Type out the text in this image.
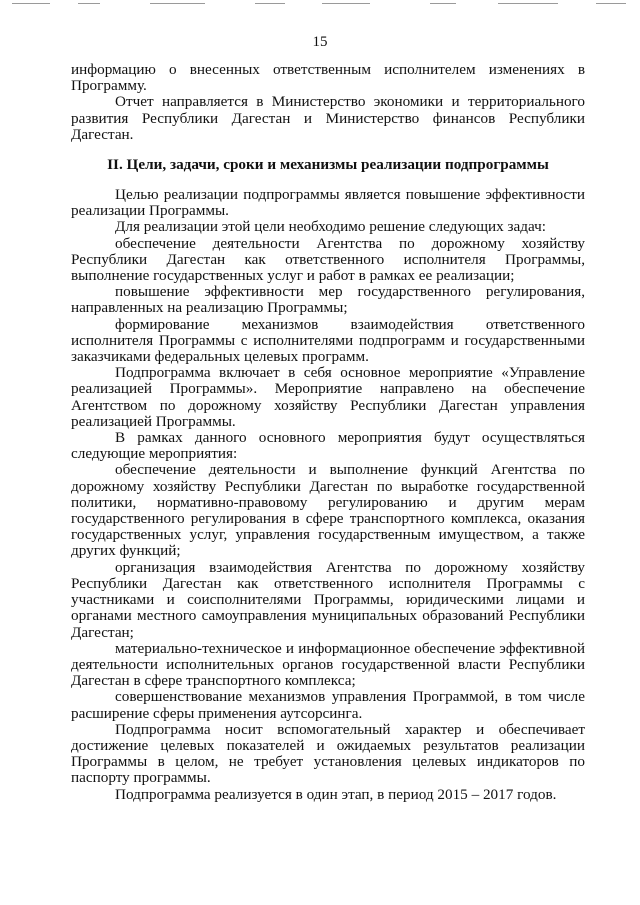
15

информацию о внесенных ответственным исполнителем изменениях в Программу.

Отчет направляется в Министерство экономики и территориального развития Республики Дагестан и Министерство финансов Республики Дагестан.

II. Цели, задачи, сроки и механизмы реализации подпрограммы

Целью реализации подпрограммы является повышение эффективности реализации Программы.

Для реализации этой цели необходимо решение следующих задач:

обеспечение деятельности Агентства по дорожному хозяйству Республики Дагестан как ответственного исполнителя Программы, выполнение государственных услуг и работ в рамках ее реализации;

повышение эффективности мер государственного регулирования, направленных на реализацию Программы;

формирование механизмов взаимодействия ответственного исполнителя Программы с исполнителями подпрограмм и государственными заказчиками федеральных целевых программ.

Подпрограмма включает в себя основное мероприятие «Управление реализацией Программы». Мероприятие направлено на обеспечение Агентством по дорожному хозяйству Республики Дагестан управления реализацией Программы.

В рамках данного основного мероприятия будут осуществляться следующие мероприятия:

обеспечение деятельности и выполнение функций Агентства по дорожному хозяйству Республики Дагестан по выработке государственной политики, нормативно-правовому регулированию и другим мерам государственного регулирования в сфере транспортного комплекса, оказания государственных услуг, управления государственным имуществом, а также других функций;

организация взаимодействия Агентства по дорожному хозяйству Республики Дагестан как ответственного исполнителя Программы с участниками и соисполнителями Программы, юридическими лицами и органами местного самоуправления муниципальных образований Республики Дагестан;

материально-техническое и информационное обеспечение эффективной деятельности исполнительных органов государственной власти Республики Дагестан в сфере транспортного комплекса;

совершенствование механизмов управления Программой, в том числе расширение сферы применения аутсорсинга.

Подпрограмма носит вспомогательный характер и обеспечивает достижение целевых показателей и ожидаемых результатов реализации Программы в целом, не требует установления целевых индикаторов по паспорту программы.

Подпрограмма реализуется в один этап, в период 2015 – 2017 годов.
